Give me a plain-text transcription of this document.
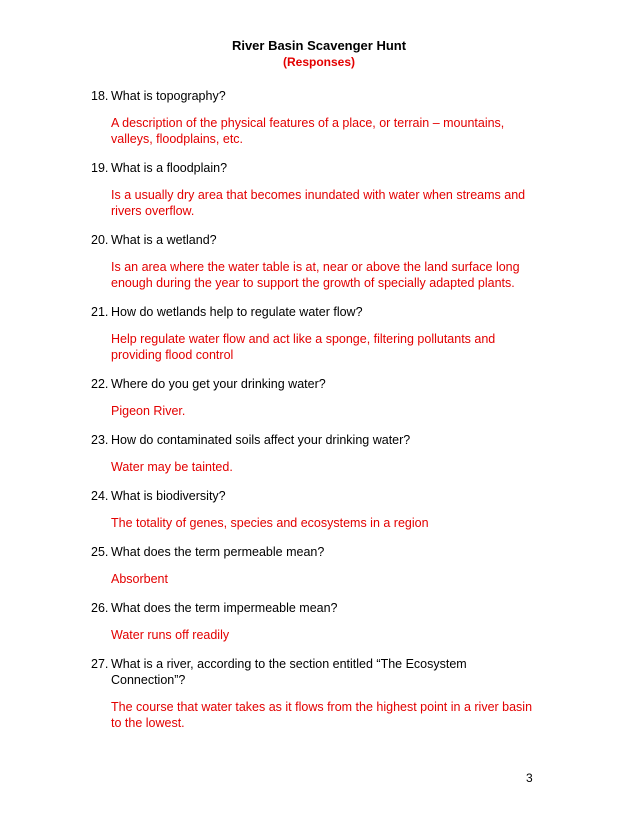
River Basin Scavenger Hunt
(Responses)
18. What is topography?
A description of the physical features of a place, or terrain – mountains, valleys, floodplains, etc.
19. What is a floodplain?
Is a usually dry area that becomes inundated with water when streams and rivers overflow.
20. What is a wetland?
Is an area where the water table is at, near or above the land surface long enough during the year to support the growth of specially adapted plants.
21. How do wetlands help to regulate water flow?
Help regulate water flow and act like a sponge, filtering pollutants and providing flood control
22. Where do you get your drinking water?
Pigeon River.
23. How do contaminated soils affect your drinking water?
Water may be tainted.
24. What is biodiversity?
The totality of genes, species and ecosystems in a region
25. What does the term permeable mean?
Absorbent
26. What does the term impermeable mean?
Water runs off readily
27. What is a river, according to the section entitled “The Ecosystem Connection”?
The course that water takes as it flows from the highest point in a river basin to the lowest.
3
